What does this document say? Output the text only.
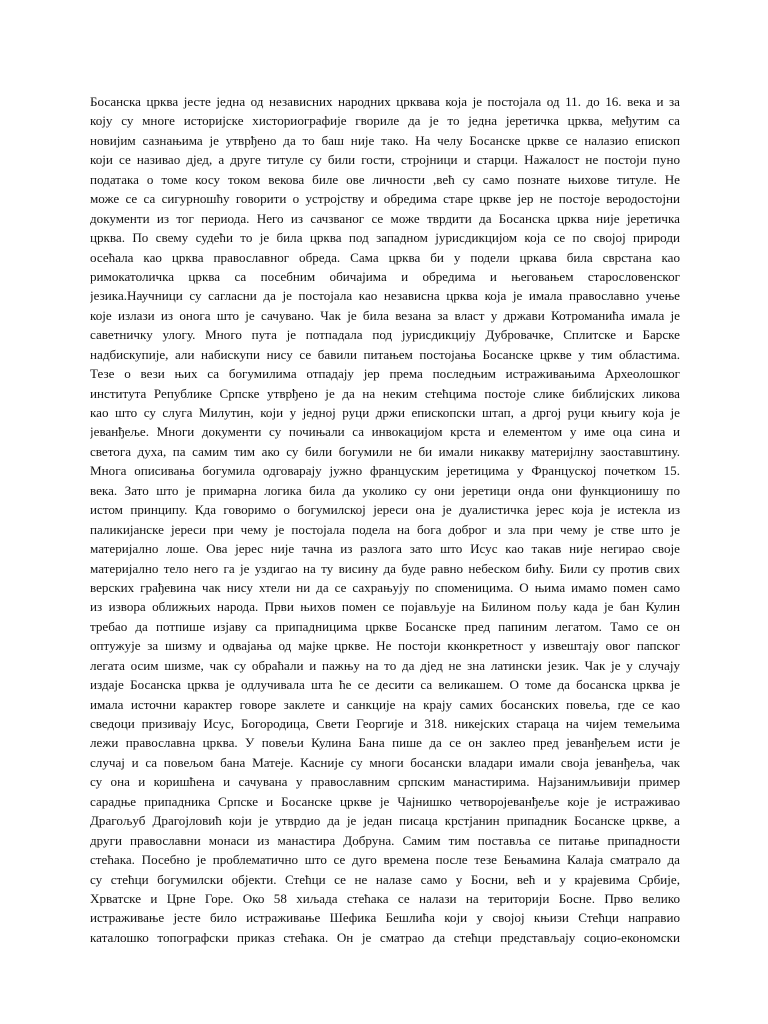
Босанска црква јесте једна од независних народних црквава која је постојала од 11. до 16. века и за
коју су многе историјске хисториографије гвориле да је то једна јеретичка црква, међутим са
новијим сазнањима је утврђено да то баш није тако. На челу Босанске цркве се налазио епископ
који се називао дјед, а друге титуле су били гости, стројници и старци. Нажалост не постоји пуно
података о томе косу током векова биле ове личности ,већ су само познате њихове титуле. Не
може се са сигурношћу говорити о устројству и обредима старе цркве јер не постоје веродостојни
документи из тог периода. Него из сачзваног се може тврдити да Босанска црква није јеретичка
црква. По свему судећи то је била црква под западном јурисдикцијом која се по својој природи
осећала као црква православног обреда. Сама црква би у подели цркава била сврстана као
римокатоличка црква са посебним обичајима и обредима и његовањем старословенског
језика.Научници су сагласни да је постојала као независна црква која је имала православно учење
које излази из онога што је сачувано. Чак је била везана за власт у држави Котроманића имала је
саветничку улогу. Много пута је потпадала под јурисдикцију Дубровачке, Сплитске и Барске
надбискупије, али набискупи нису се бавили питањем постојања Босанске цркве у тим областима.
Тезе о вези њих са богумилима отпадају јер према последњим истраживањима Археолошког
института Републике Српске утврђено је да на неким стећцима постоје слике библијских ликова
као што су слуга Милутин, који у једној руци држи епископски штап, а дргој руци књигу која је
јеванђеље. Многи документи су почињали са инвокацијом крста и елементом у име оца сина и
светога духа, па самим тим ако су били богумили не би имали никакву материјлну заоставштину.
Многа описивања богумила одговарају јужно француским јеретицима у Француској почетком 15.
века. Зато што је примарна логика била да уколико су они јеретици онда они функционишу по
истом принципу. Кда говоримо о богумилској јереси она је дуалистичка јерес која је истекла из
паликијанске јереси при чему је постојала подела на бога доброг и зла при чему је стве што је
материјално лоше. Ова јерес није тачна из разлога зато што Исус као такав није негирао своје
материјално тело него га је уздигао на ту висину да буде равно небеском бићу. Били су против свих
верских грађевина чак нису хтели ни да се сахрањују по споменицима. О њима имамо помен само
из извора оближњих народа. Први њихов помен се појављује на Билином пољу када је бан Кулин
требао да потпише изјаву са припадницима цркве Босанске пред папиним легатом. Тамо се он
оптужује за шизму и одвајања од мајке цркве. Не постоји кконкретност у извештају овог папског
легата осим шизме, чак су обраћали и пажњу на то да дјед не зна латински језик. Чак је у случају
издаје Босанска црква је одлучивала шта ће се десити са великашем. О томе да босанска црква је
имала источни карактер говоре заклете и санкције на крају самих босанских повеља, где се као
сведоци призивају Исус, Богородица, Свети Георгије и 318. никејских стараца на чијем темељима
лежи православна црква. У повељи Кулина Бана пише да се он заклео пред јеванђељем исти је
случај и са повељом бана Матеје. Касније су многи босански владари имали своја јеванђеља, чак
су она и коришћена и сачувана у православним српским манастирима. Најзанимљивији пример
сарадње припадника Српске и Босанске цркве је Чајнишко четворојеванђеље које је истраживао
Драгољуб Драгојловић који је утврдио да је један писаца крстјанин припадник Босанске цркве, а
други православни монаси из манастира Добруна. Самим тим поставља се питање припадности
стећака. Посебно је проблематично што се дуго времена после тезе Бењамина Калаја сматрало да
су стећци богумилски објекти. Стећци се не налазе само у Босни, већ и у крајевима Србије,
Хрватске и Црне Горе. Око 58 хиљада стећака се налази на територији Босне. Прво велико
истраживање јесте било истраживање Шефика Бешлића који у својој књизи Стећци направио
каталошко топографски приказ стећака. Он је сматрао да стећци представљају социо-економски
